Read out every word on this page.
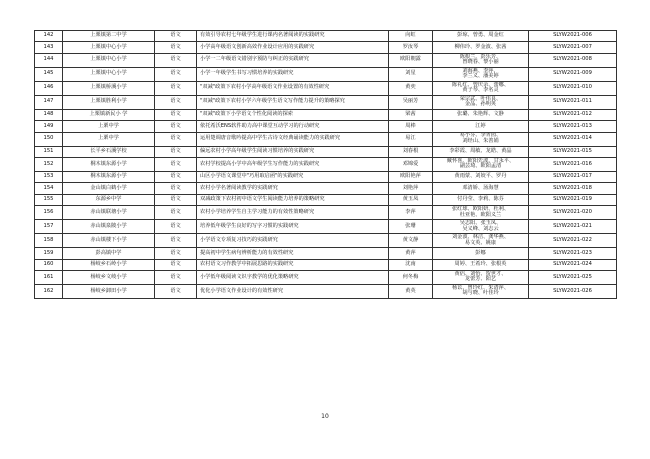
142	上栗镇第二中学	语文	有效引导农村七年级学生进行课内名著阅读的实践研究	向虹	彭琼、曾勇、周金红	SLYW2021-006
143	上栗镇中心小学	语文	小学高年级语文创新高效作业设计应用的实践研究	罗汝琴	柳伟玲、罗金波、张茜	SLYW2021-007
144	上栗镇中心小学	语文	小学一二年级语文错别字预防与纠正的实践研究	欧阳朝露	陈根兰、彭乐芳、
曾晓春、黎小丽	SLYW2021-008
145	上栗镇中心小学	语文	小学一年级学生书写习惯培养的实践研究	刘星	刘海燕、李萍、
李兰义、潘美婷	SLYW2021-009
146	上栗镇桥溪小学	语文	"双减"政策下农村小学高年级语文作业设置的有效性研究	黄奕	陈礼红、曾庆余、蕾娜、
黄子琴、李名灵	SLYW2021-010
147	上栗镇胜利小学	语文	"双减"政策下农村小学六年级学生语文写作能力提升的策略探究	吴丽芳	荣宗武、叶伟良、
金晶、孙明英	SLYW2021-011
148	上栗镇新民小 学	语文	"双减"政策下小学语文个性化阅读的探索	梁茜	张璐、朱艳辉、文静	SLYW2021-012
149	上栗中学	语文	依托希沃ENS软件助力高中课堂互动学习的行动研究	周棒	江婷	SLYW2021-013
150	上栗中学	语文	运用楚调唐音歌吟提高中学生古诗文经典诵读能力的实践研究	易江	易小芬、李菁园、
刘经山、朱善娟	SLYW2021-014
151	长平乡石溪学校	语文	偏远农村小学高年级学生阅读习惯培养的实践研究	刘春根	李彩霞、周敏、龙皓、黄晶	SLYW2021-015
152	桐木镇东源小学	语文	农村学校提高小学中高年级学生写作能力的实践研究	邓锦爱	戴怀喜、欧阳先波、甘永平、
副芸琦、欧阳孟清	SLYW2021-016
153	桐木镇东源小学	语文	山区小学语文课堂中"巧用取启函"的实践研究	欧阳艳萍	黄雨蒙、刘姣平、罗丹	SLYW2021-017
154	金山镇白鹤小学	语文	农村小学名著阅读教学的实践研究	刘艳萍	邓清娇、汤海慧	SLYW2021-018
155	东源乡中学	语文	双减政策下农村初中语文学生阅读能力培养的策略研究	黄玉凤	付丹莹、李莉、陈芬	SLYW2021-019
156	赤山镇联塘小学	语文	农村小学培养学生自主学习能力的有效性策略研究	李萍	张红球、欧阳妍、杜利、
杜亚艳、欧阳义兰	SLYW2021-020
157	赤山镇泉陂小学	语文	培养低年级学生良好的写字习惯的实践研究	张珊	吴志阳、张玉凤、
吴义峰、刘志云	SLYW2021-021
158	赤山镇楼下小学	语文	小学语文专项复习技巧的实践研究	黄文静	刘金波、林洁、龚华燕、
易文英、姚康	SLYW2021-022
159	彭高镇中学	语文	提高初中学生病句辨析能力的有效性研究	黄萍	彭娜	SLYW2021-023
160	杨岐乡石岭小学	语文	农村语文习作教学中拓展思路的实践研究	沈南	周婷、王希玲、张根英	SLYW2021-024
161	杨岐乡文岐小学	语文	小学低年级阅读文识字教学的优化策略研究	何冬梅	黄侣、刘怡、贺世才、
龙蕾芳、阳艺	SLYW2021-025
162	杨岐乡卸田小学	语文	优化小学语文作业设计的有效性研究	黄英	杨苡、曾玲红、朱清萍、
胡与晓、叶佳玲	SLYW2021-026
10
